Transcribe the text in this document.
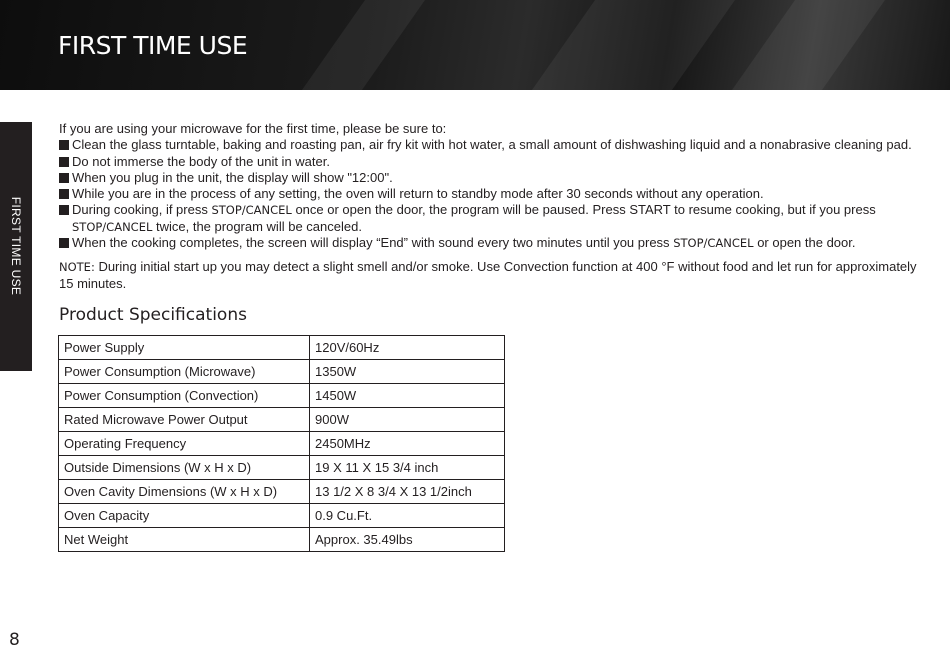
FIRST TIME USE
FIRST TIME USE

If you are using your microwave for the first time, please be sure to:

Clean the glass turntable, baking and roasting pan, air fry kit with hot water, a small amount of dishwashing liquid and a nonabrasive cleaning pad.

Do not immerse the body of the unit in water.

When you plug in the unit, the display will show "12:00".

While you are in the process of any setting, the oven will return to standby mode after 30 seconds without any operation.

During cooking, if press STOP/CANCEL once or open the door, the program will be paused. Press START to resume cooking, but if you press STOP/CANCEL twice, the program will be canceled.

When the cooking completes, the screen will display “End” with sound every two minutes until you press STOP/CANCEL or open the door.

NOTE: During initial start up you may detect a slight smell and/or smoke. Use Convection function at 400 °F without food and let run for approximately 15 minutes.

Product Specifications
Power Supply	120V/60Hz
Power Consumption (Microwave)	1350W
Power Consumption (Convection)	1450W
Rated Microwave Power Output	900W
Operating Frequency	2450MHz
Outside Dimensions (W x H x D)	19 X 11 X 15 3/4 inch
Oven Cavity Dimensions (W x H x D)	13 1/2 X 8 3/4 X 13 1/2inch
Oven Capacity	0.9 Cu.Ft.
Net Weight	Approx. 35.49lbs
8
